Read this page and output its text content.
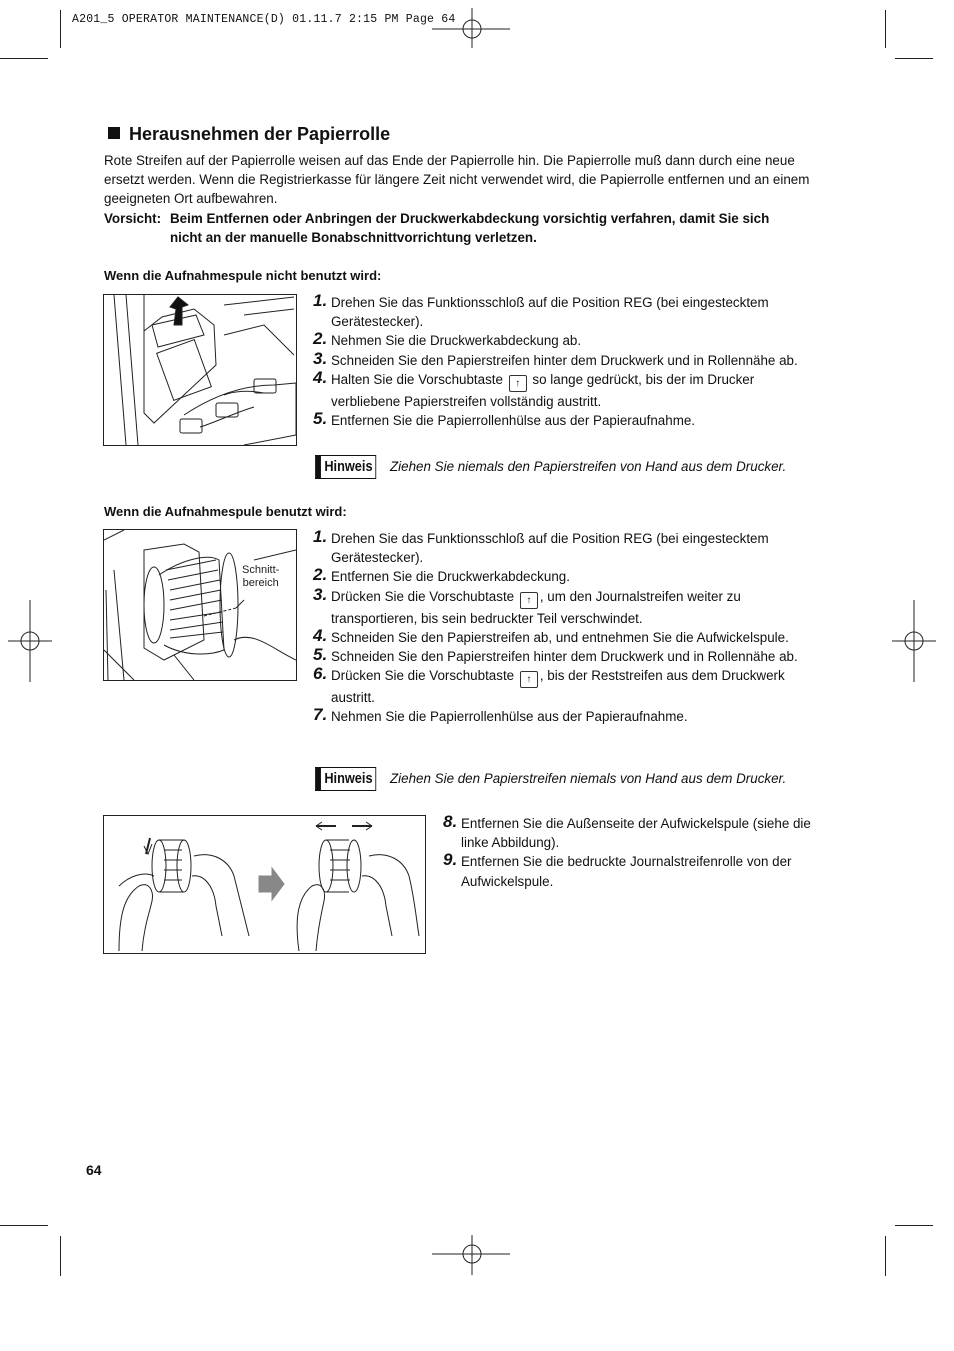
A201_5 OPERATOR MAINTENANCE(D) 01.11.7 2:15 PM Page 64
Herausnehmen der Papierrolle
Rote Streifen auf der Papierrolle weisen auf das Ende der Papierrolle hin. Die Papierrolle muß dann durch eine neue ersetzt werden. Wenn die Registrierkasse für längere Zeit nicht verwendet wird, die Papierrolle entfernen und an einem geeigneten Ort aufbewahren.
Vorsicht: Beim Entfernen oder Anbringen der Druckwerkabdeckung vorsichtig verfahren, damit Sie sich
nicht an der manuelle Bonabschnittvorrichtung verletzen.
Wenn die Aufnahmespule nicht benutzt wird:
1. Drehen Sie das Funktionsschloß auf die Position REG (bei eingestecktem Gerätestecker).
2. Nehmen Sie die Druckwerkabdeckung ab.
3. Schneiden Sie den Papierstreifen hinter dem Druckwerk und in Rollennähe ab.
4. Halten Sie die Vorschubtaste ↑ so lange gedrückt, bis der im Drucker verbliebene Papierstreifen vollständig austritt.
5. Entfernen Sie die Papierrollenhülse aus der Papieraufnahme.
Hinweis Ziehen Sie niemals den Papierstreifen von Hand aus dem Drucker.
Wenn die Aufnahmespule benutzt wird:
Schnitt-
bereich
1. Drehen Sie das Funktionsschloß auf die Position REG (bei eingestecktem Gerätestecker).
2. Entfernen Sie die Druckwerkabdeckung.
3. Drücken Sie die Vorschubtaste ↑ , um den Journalstreifen weiter zu transportieren, bis sein bedruckter Teil verschwindet.
4. Schneiden Sie den Papierstreifen ab, und entnehmen Sie die Aufwickelspule.
5. Schneiden Sie den Papierstreifen hinter dem Druckwerk und in Rollennähe ab.
6. Drücken Sie die Vorschubtaste ↑ , bis der Reststreifen aus dem Druckwerk austritt.
7. Nehmen Sie die Papierrollenhülse aus der Papieraufnahme.
Hinweis Ziehen Sie den Papierstreifen niemals von Hand aus dem Drucker.
8. Entfernen Sie die Außenseite der Aufwickelspule (siehe die linke Abbildung).
9. Entfernen Sie die bedruckte Journalstreifenrolle von der Aufwickelspule.
64
